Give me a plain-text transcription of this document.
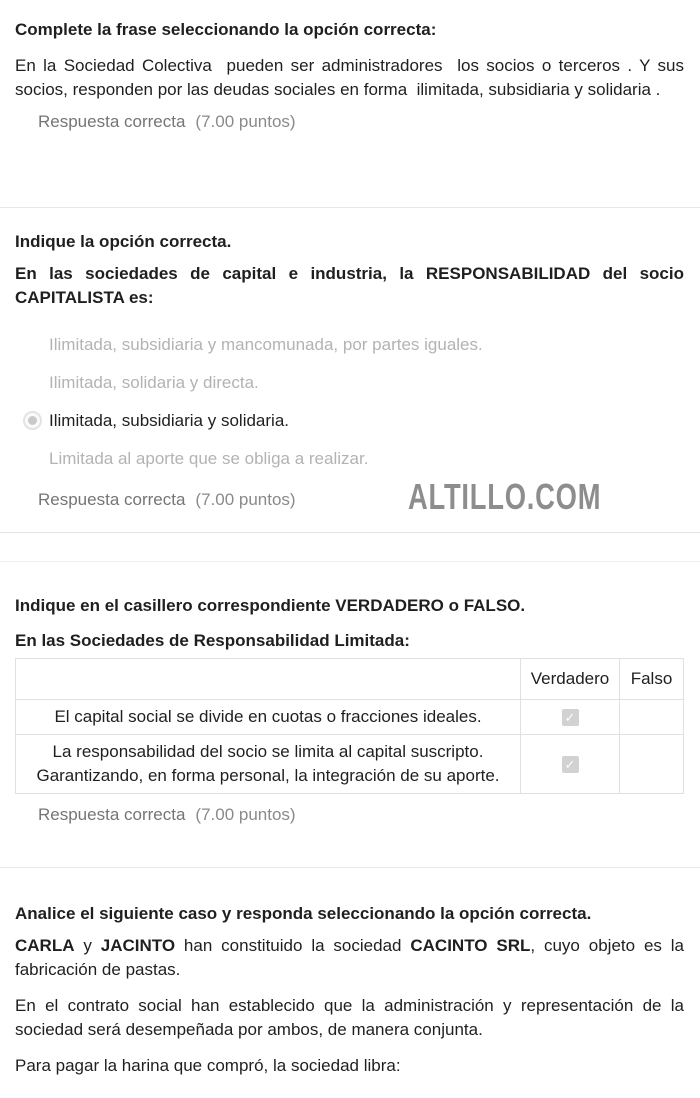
Complete la frase seleccionando la opción correcta:

En la Sociedad Colectiva  pueden ser administradores  los socios o terceros . Y sus socios, responden por las deudas sociales en forma  ilimitada, subsidiaria y solidaria .

Respuesta correcta (7.00 puntos)

Indique la opción correcta.

En las sociedades de capital e industria, la RESPONSABILIDAD del socio CAPITALISTA es:

Ilimitada, subsidiaria y mancomunada, por partes iguales.
Ilimitada, solidaria y directa.
Ilimitada, subsidiaria y solidaria.
Limitada al aporte que se obliga a realizar.

Respuesta correcta (7.00 puntos)	ALTILLO.COM
Indique en el casillero correspondiente VERDADERO o FALSO.

En las Sociedades de Responsabilidad Limitada:

	Verdadero	Falso
El capital social se divide en cuotas o fracciones ideales.	✓	
La responsabilidad del socio se limita al capital suscripto. Garantizando, en forma personal, la integración de su aporte.	✓	

Respuesta correcta (7.00 puntos)

Analice el siguiente caso y responda seleccionando la opción correcta.

CARLA y JACINTO han constituido la sociedad CACINTO SRL, cuyo objeto es la fabricación de pastas.

En el contrato social han establecido que la administración y representación de la sociedad será desempeñada por ambos, de manera conjunta.

Para pagar la harina que compró, la sociedad libra:
